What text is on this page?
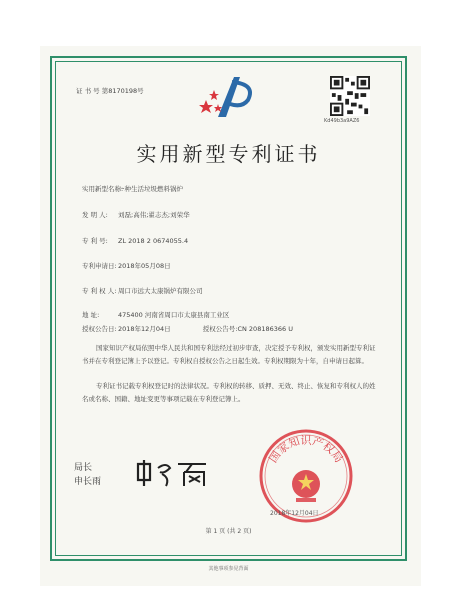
证 书 号 第8170198号
Kd49b3a9AZ6
实用新型专利证书
实用新型名称:一种生活垃圾燃料锅炉
发 明 人: 刘磊;高伟;翟志杰;刘荣华
专 利 号: ZL 2018 2 0674055.4
专利申请日:2018年05月08日
专 利 权 人: 周口市远大太康锅炉有限公司
地 址:	475400 河南省周口市太康县南工业区
授权公告日:2018年12月04日	授权公告号:CN 208186366 U
国家知识产权局依照中华人民共和国专利法经过初步审查，决定授予专利权，颁发实用新型专利证书并在专利登记簿上予以登记。专利权自授权公告之日起生效。专利权期限为十年，自申请日起算。
专利证书记载专利权登记时的法律状况。专利权的转移、质押、无效、终止、恢复和专利权人的姓名或名称、国籍、地址变更等事项记载在专利登记簿上。
局长
申长雨
国家知识产权局
2018年12月04日
第 1 页 (共 2 页)
其他事项参见背面
